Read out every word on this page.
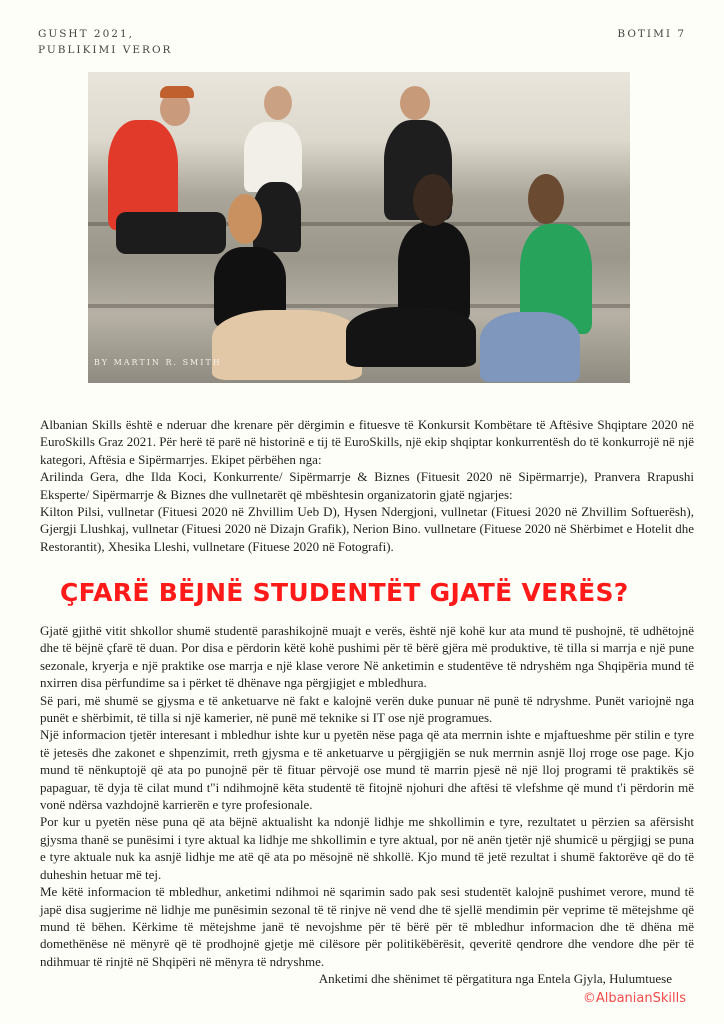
GUSHT 2021,
PUBLIKIMI VEROR
BOTIMI 7
BY MARTIN R. SMITH

Albanian Skills është e nderuar dhe krenare për dërgimin e fituesve të Konkursit Kombëtare të Aftësive Shqiptare 2020 në EuroSkills Graz 2021. Për herë të parë në historinë e tij të EuroSkills, një ekip shqiptar konkurrentësh do të konkurrojë në një kategori, Aftësia e Sipërmarrjes. Ekipet përbëhen nga:

Arilinda Gera, dhe Ilda Koci, Konkurrente/ Sipërmarrje & Biznes (Fituesit 2020 në Sipërmarrje), Pranvera Rrapushi Eksperte/ Sipërmarrje & Biznes dhe vullnetarët që mbështesin organizatorin gjatë ngjarjes:

Kilton Pilsi, vullnetar (Fituesi 2020 në Zhvillim Ueb D), Hysen Ndergjoni, vullnetar (Fituesi 2020 në Zhvillim Softuerësh), Gjergji Llushkaj, vullnetar (Fituesi 2020 në Dizajn Grafik), Nerion Bino. vullnetare (Fituese 2020 në Shërbimet e Hotelit dhe Restorantit), Xhesika Lleshi, vullnetare (Fituese 2020 në Fotografi).

ÇFARË BËJNË STUDENTËT GJATË VERËS?

Gjatë gjithë vitit shkollor shumë studentë parashikojnë muajt e verës, është një kohë kur ata mund të pushojnë, të udhëtojnë dhe të bëjnë çfarë të duan. Por disa e përdorin këtë kohë pushimi për të bërë gjëra më produktive, të tilla si marrja e një pune sezonale, kryerja e një praktike ose marrja e një klase verore Në anketimin e studentëve të ndryshëm nga Shqipëria mund të nxirren disa përfundime sa i përket të dhënave nga përgjigjet e mbledhura.

Së pari, më shumë se gjysma e të anketuarve në fakt e kalojnë verën duke punuar në punë të ndryshme. Punët variojnë nga punët e shërbimit, të tilla si një kamerier, në punë më teknike si IT ose një programues.

Një informacion tjetër interesant i mbledhur ishte kur u pyetën nëse paga që ata merrnin ishte e mjaftueshme për stilin e tyre të jetesës dhe zakonet e shpenzimit, rreth gjysma e të anketuarve u përgjigjën se nuk merrnin asnjë lloj rroge ose page. Kjo mund të nënkuptojë që ata po punojnë për të fituar përvojë ose mund të marrin pjesë në një lloj programi të praktikës së papaguar, të dyja të cilat mund t"i ndihmojnë këta studentë të fitojnë njohuri dhe aftësi të vlefshme që mund t'i përdorin më vonë ndërsa vazhdojnë karrierën e tyre profesionale.

Por kur u pyetën nëse puna që ata bëjnë aktualisht ka ndonjë lidhje me shkollimin e tyre, rezultatet u përzien sa afërsisht gjysma thanë se punësimi i tyre aktual ka lidhje me shkollimin e tyre aktual, por në anën tjetër një shumicë u përgjigj se puna e tyre aktuale nuk ka asnjë lidhje me atë që ata po mësojnë në shkollë. Kjo mund të jetë rezultat i shumë faktorëve që do të duheshin hetuar më tej.

Me këtë informacion të mbledhur, anketimi ndihmoi në sqarimin sado pak sesi studentët kalojnë pushimet verore, mund të japë disa sugjerime në lidhje me punësimin sezonal të të rinjve në vend dhe të sjellë mendimin për veprime të mëtejshme që mund të bëhen. Kërkime të mëtejshme janë të nevojshme për të bërë për të mbledhur informacion dhe të dhëna më domethënëse në mënyrë që të prodhojnë gjetje më cilësore për politikëbërësit, qeveritë qendrore dhe vendore dhe për të ndihmuar të rinjtë në Shqipëri në mënyra të ndryshme.

Anketimi dhe shënimet të përgatitura nga Entela Gjyla, Hulumtuese

©AlbanianSkills
